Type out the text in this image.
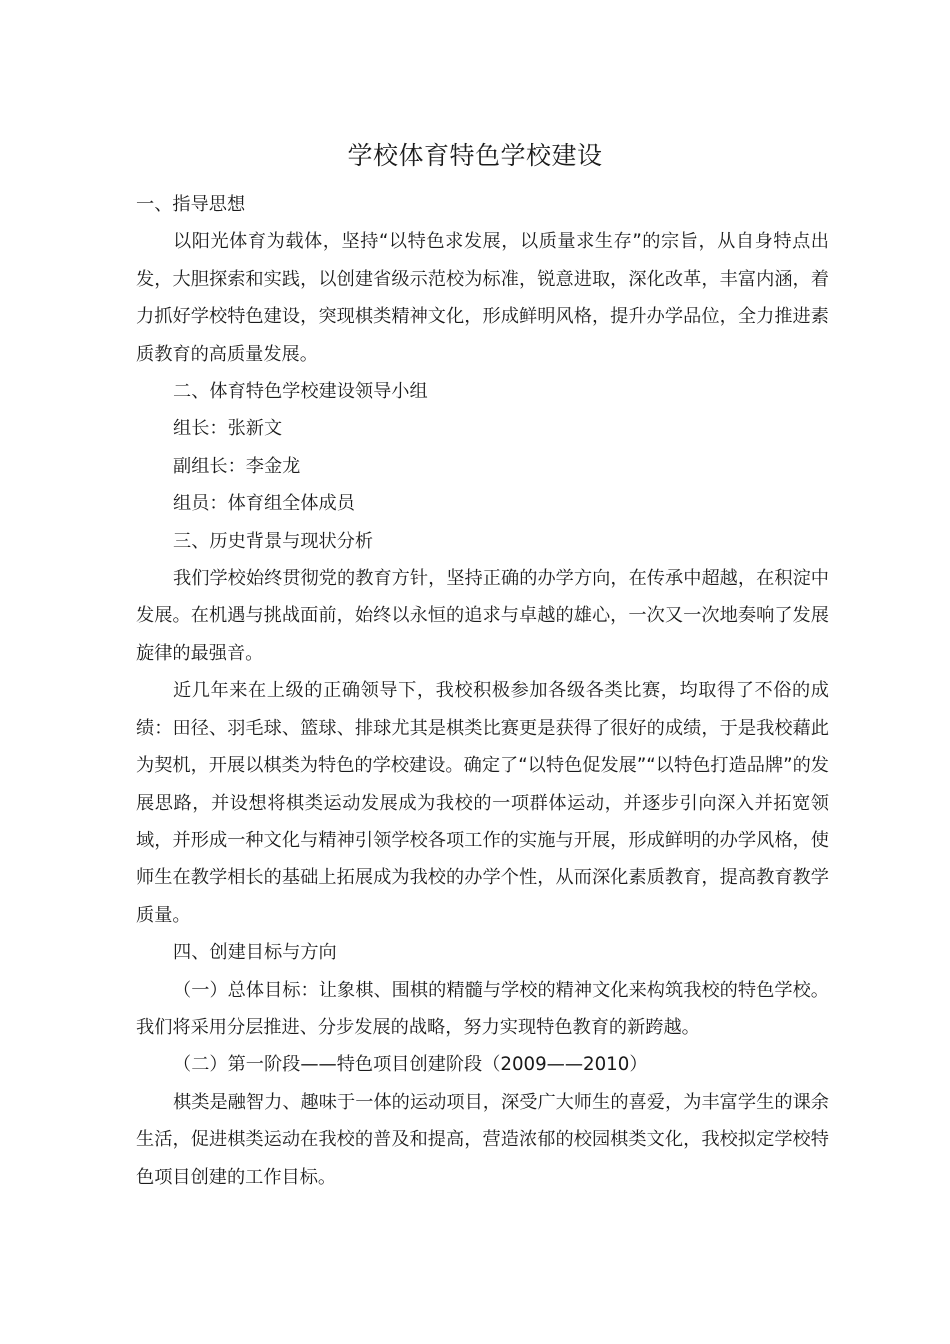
学校体育特色学校建设

一、指导思想

以阳光体育为载体，坚持“以特色求发展，以质量求生存”的宗旨，从自身特点出发，大胆探索和实践，以创建省级示范校为标准，锐意进取，深化改革，丰富内涵，着力抓好学校特色建设，突现棋类精神文化，形成鲜明风格，提升办学品位，全力推进素质教育的高质量发展。

二、体育特色学校建设领导小组

组长：张新文

副组长：李金龙

组员：体育组全体成员

三、历史背景与现状分析

我们学校始终贯彻党的教育方针，坚持正确的办学方向，在传承中超越，在积淀中发展。在机遇与挑战面前，始终以永恒的追求与卓越的雄心，一次又一次地奏响了发展旋律的最强音。

近几年来在上级的正确领导下，我校积极参加各级各类比赛，均取得了不俗的成绩：田径、羽毛球、篮球、排球尤其是棋类比赛更是获得了很好的成绩，于是我校藉此为契机，开展以棋类为特色的学校建设。确定了“以特色促发展”“以特色打造品牌”的发展思路，并设想将棋类运动发展成为我校的一项群体运动，并逐步引向深入并拓宽领域，并形成一种文化与精神引领学校各项工作的实施与开展，形成鲜明的办学风格，使师生在教学相长的基础上拓展成为我校的办学个性，从而深化素质教育，提高教育教学质量。

四、创建目标与方向

（一）总体目标：让象棋、围棋的精髓与学校的精神文化来构筑我校的特色学校。我们将采用分层推进、分步发展的战略，努力实现特色教育的新跨越。

（二）第一阶段——特色项目创建阶段（2009——2010）

棋类是融智力、趣味于一体的运动项目，深受广大师生的喜爱，为丰富学生的课余生活，促进棋类运动在我校的普及和提高，营造浓郁的校园棋类文化，我校拟定学校特色项目创建的工作目标。
